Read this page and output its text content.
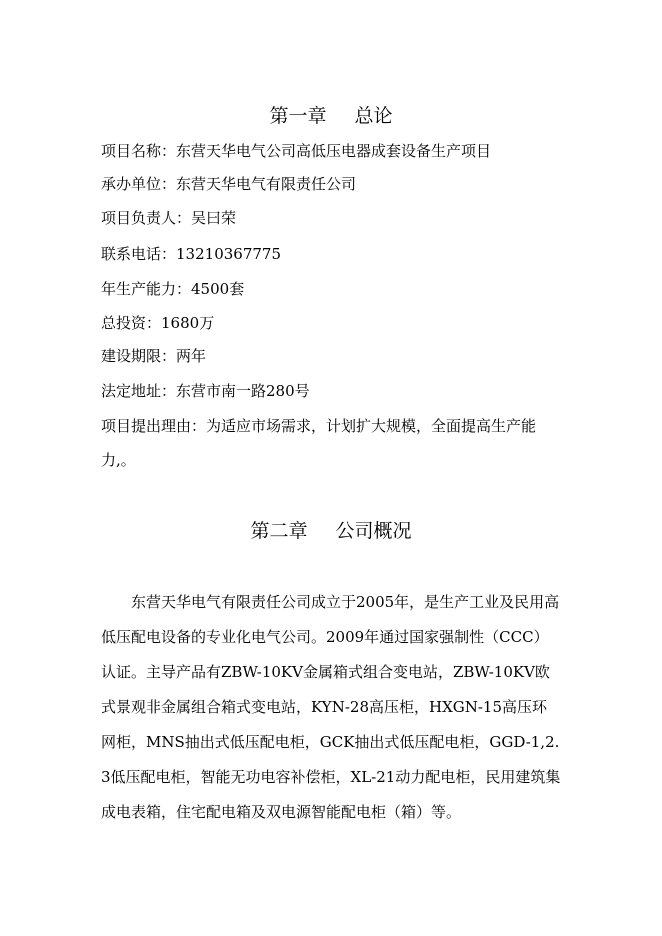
第一章 总论
项目名称：东营天华电气公司高低压电器成套设备生产项目
承办单位：东营天华电气有限责任公司
项目负责人：吴曰荣
联系电话：13210367775
年生产能力：4500套
总投资：1680万
建设期限：两年
法定地址：东营市南一路280号
项目提出理由：为适应市场需求，计划扩大规模，全面提高生产能力,。
第二章 公司概况
东营天华电气有限责任公司成立于2005年，是生产工业及民用高低压配电设备的专业化电气公司。2009年通过国家强制性（CCC）认证。主导产品有ZBW-10KV金属箱式组合变电站，ZBW-10KV欧式景观非金属组合箱式变电站，KYN-28高压柜，HXGN-15高压环网柜，MNS抽出式低压配电柜，GCK抽出式低压配电柜，GGD-1,2.3低压配电柜，智能无功电容补偿柜，XL-21动力配电柜，民用建筑集成电表箱，住宅配电箱及双电源智能配电柜（箱）等。
